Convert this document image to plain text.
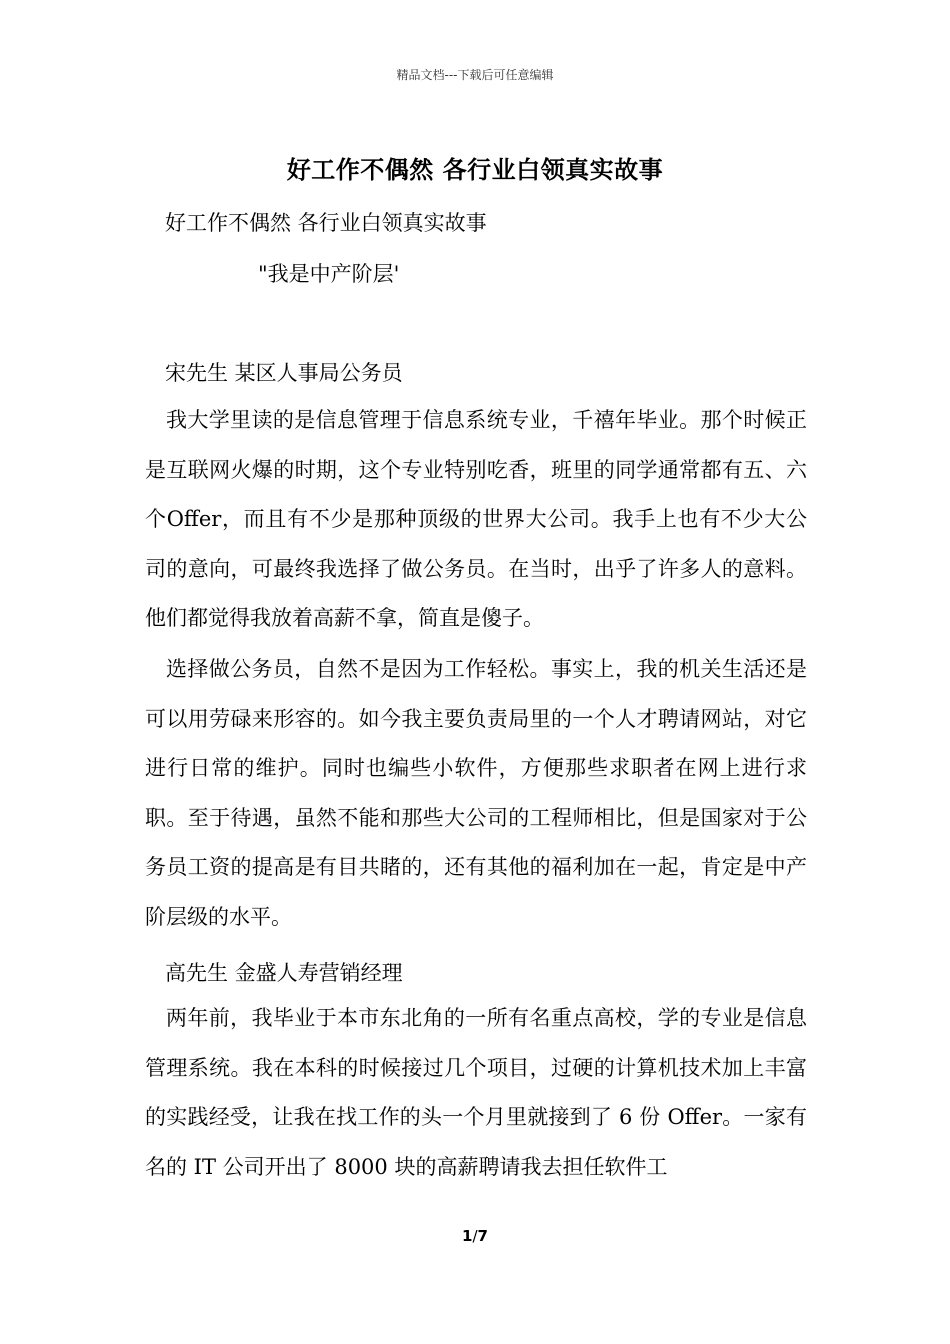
精品文档---下载后可任意编辑
好工作不偶然 各行业白领真实故事
好工作不偶然 各行业白领真实故事
"我是中产阶层'
宋先生 某区人事局公务员
我大学里读的是信息管理于信息系统专业，千禧年毕业。那个时候正是互联网火爆的时期，这个专业特别吃香，班里的同学通常都有五、六个Offer，而且有不少是那种顶级的世界大公司。我手上也有不少大公司的意向，可最终我选择了做公务员。在当时，出乎了许多人的意料。他们都觉得我放着高薪不拿，简直是傻子。
选择做公务员，自然不是因为工作轻松。事实上，我的机关生活还是可以用劳碌来形容的。如今我主要负责局里的一个人才聘请网站，对它进行日常的维护。同时也编些小软件，方便那些求职者在网上进行求职。至于待遇，虽然不能和那些大公司的工程师相比，但是国家对于公务员工资的提高是有目共睹的，还有其他的福利加在一起，肯定是中产阶层级的水平。
高先生 金盛人寿营销经理
两年前，我毕业于本市东北角的一所有名重点高校，学的专业是信息管理系统。我在本科的时候接过几个项目，过硬的计算机技术加上丰富的实践经受，让我在找工作的头一个月里就接到了 6 份 Offer。一家有名的 IT 公司开出了 8000 块的高薪聘请我去担任软件工
1/7
